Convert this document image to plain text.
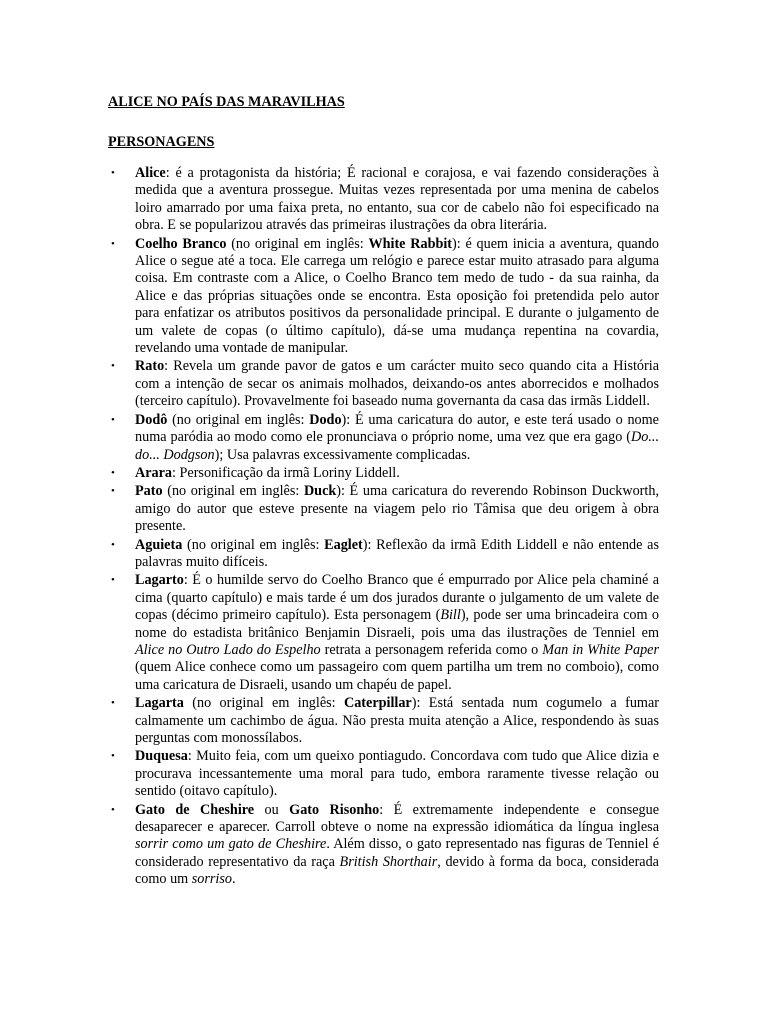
ALICE NO PAÍS DAS MARAVILHAS
PERSONAGENS
• Alice: é a protagonista da história; É racional e corajosa, e vai fazendo considerações à medida que a aventura prossegue. Muitas vezes representada por uma menina de cabelos loiro amarrado por uma faixa preta, no entanto, sua cor de cabelo não foi especificado na obra. E se popularizou através das primeiras ilustrações da obra literária.
• Coelho Branco (no original em inglês: White Rabbit): é quem inicia a aventura, quando Alice o segue até a toca. Ele carrega um relógio e parece estar muito atrasado para alguma coisa. Em contraste com a Alice, o Coelho Branco tem medo de tudo - da sua rainha, da Alice e das próprias situações onde se encontra. Esta oposição foi pretendida pelo autor para enfatizar os atributos positivos da personalidade principal. E durante o julgamento de um valete de copas (o último capítulo), dá-se uma mudança repentina na covardia, revelando uma vontade de manipular.
• Rato: Revela um grande pavor de gatos e um carácter muito seco quando cita a História com a intenção de secar os animais molhados, deixando-os antes aborrecidos e molhados (terceiro capítulo). Provavelmente foi baseado numa governanta da casa das irmãs Liddell.
• Dodô (no original em inglês: Dodo): É uma caricatura do autor, e este terá usado o nome numa paródia ao modo como ele pronunciava o próprio nome, uma vez que era gago (Do... do... Dodgson); Usa palavras excessivamente complicadas.
• Arara: Personificação da irmã Loriny Liddell.
• Pato (no original em inglês: Duck): É uma caricatura do reverendo Robinson Duckworth, amigo do autor que esteve presente na viagem pelo rio Tâmisa que deu origem à obra presente.
• Aguieta (no original em inglês: Eaglet): Reflexão da irmã Edith Liddell e não entende as palavras muito difíceis.
• Lagarto: É o humilde servo do Coelho Branco que é empurrado por Alice pela chaminé a cima (quarto capítulo) e mais tarde é um dos jurados durante o julgamento de um valete de copas (décimo primeiro capítulo). Esta personagem (Bill), pode ser uma brincadeira com o nome do estadista britânico Benjamin Disraeli, pois uma das ilustrações de Tenniel em Alice no Outro Lado do Espelho retrata a personagem referida como o Man in White Paper (quem Alice conhece como um passageiro com quem partilha um trem no comboio), como uma caricatura de Disraeli, usando um chapéu de papel.
• Lagarta (no original em inglês: Caterpillar): Está sentada num cogumelo a fumar calmamente um cachimbo de água. Não presta muita atenção a Alice, respondendo às suas perguntas com monossílabos.
• Duquesa: Muito feia, com um queixo pontiagudo. Concordava com tudo que Alice dizia e procurava incessantemente uma moral para tudo, embora raramente tivesse relação ou sentido (oitavo capítulo).
• Gato de Cheshire ou Gato Risonho: É extremamente independente e consegue desaparecer e aparecer. Carroll obteve o nome na expressão idiomática da língua inglesa sorrir como um gato de Cheshire. Além disso, o gato representado nas figuras de Tenniel é considerado representativo da raça British Shorthair, devido à forma da boca, considerada como um sorriso.
